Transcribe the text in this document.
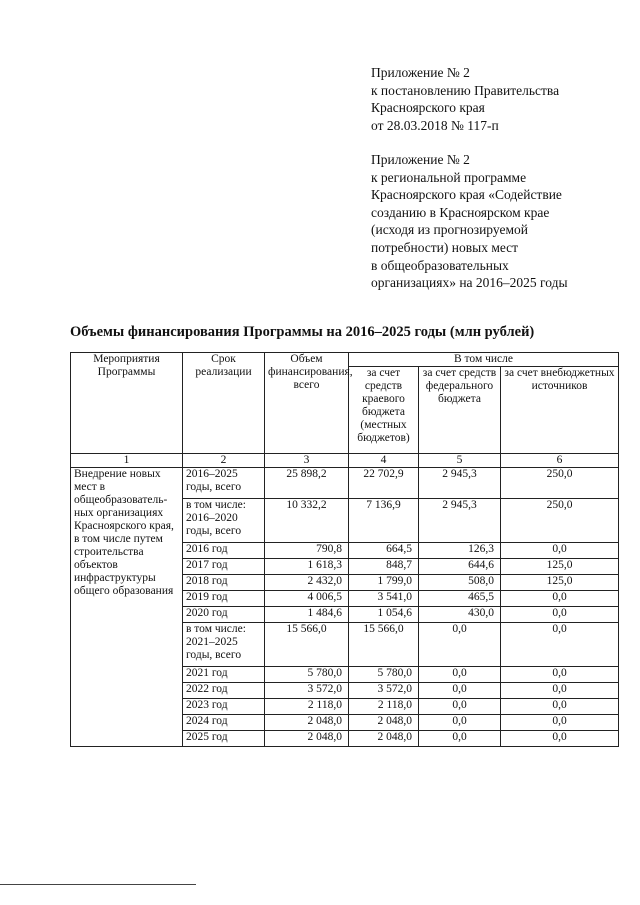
Приложение № 2
к постановлению Правительства
Красноярского края
от 28.03.2018 № 117-п
Приложение № 2
к региональной программе
Красноярского края «Содействие
созданию в Красноярском крае
(исходя из прогнозируемой
потребности) новых мест
в общеобразовательных
организациях» на 2016–2025 годы
Объемы финансирования Программы на 2016–2025 годы (млн рублей)
Мероприятия Программы	Срок реализации	Объем финансирования, всего	В том числе		
			за счет средств краевого бюджета (местных бюджетов)	за счет средств федерального бюджета	за счет внебюджетных источников
1	2	3	4	5	6
Внедрение новых мест в общеобразователь-ных организациях Красноярского края, в том числе путем строительства объектов инфраструктуры общего образования	2016–2025 годы, всего	25 898,2	22 702,9	2 945,3	250,0
	в том числе: 2016–2020 годы, всего	10 332,2	7 136,9	2 945,3	250,0
	2016 год	790,8	664,5	126,3	0,0
	2017 год	1 618,3	848,7	644,6	125,0
	2018 год	2 432,0	1 799,0	508,0	125,0
	2019 год	4 006,5	3 541,0	465,5	0,0
	2020 год	1 484,6	1 054,6	430,0	0,0
	в том числе: 2021–2025 годы, всего	15 566,0	15 566,0	0,0	0,0
	2021 год	5 780,0	5 780,0	0,0	0,0
	2022 год	3 572,0	3 572,0	0,0	0,0
	2023 год	2 118,0	2 118,0	0,0	0,0
	2024 год	2 048,0	2 048,0	0,0	0,0
	2025 год	2 048,0	2 048,0	0,0	0,0
